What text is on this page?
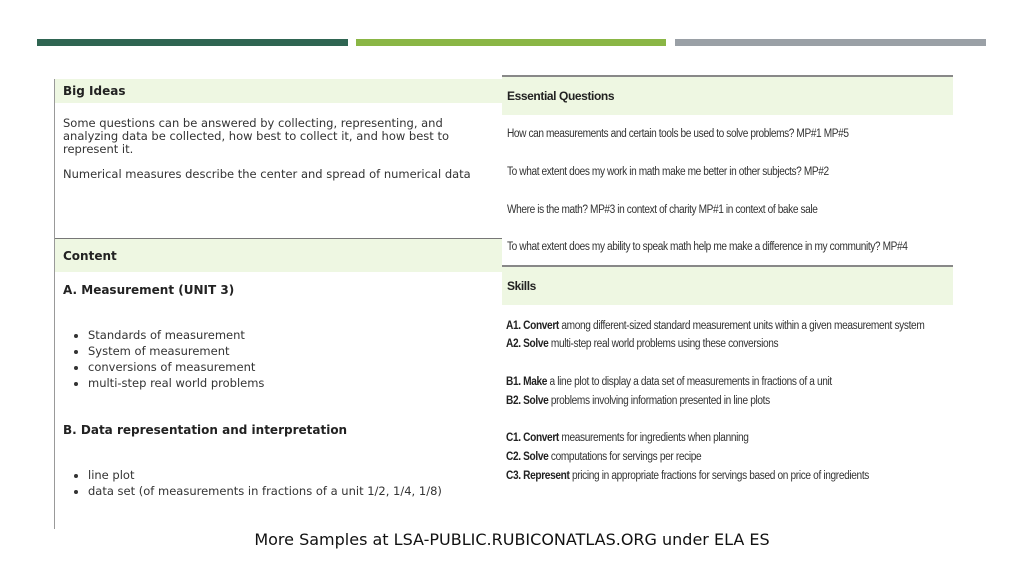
Big Ideas

Some questions can be answered by collecting, representing, and analyzing data be collected, how best to collect it, and how best to represent it.

Numerical measures describe the center and spread of numerical data

Content
A. Measurement (UNIT 3)
• Standards of measurement
• System of measurement
• conversions of measurement
• multi-step real world problems
B. Data representation and interpretation
• line plot
• data set (of measurements in fractions of a unit 1/2, 1/4, 1/8)
Essential Questions
How can measurements and certain tools be used to solve problems? MP#1 MP#5
To what extent does my work in math make me better in other subjects? MP#2
Where is the math? MP#3 in context of charity MP#1 in context of bake sale
To what extent does my ability to speak math help me make a difference in my community? MP#4
Skills
A1. Convert among different-sized standard measurement units within a given measurement system
A2. Solve multi-step real world problems using these conversions
B1. Make a line plot to display a data set of measurements in fractions of a unit
B2. Solve problems involving information presented in line plots
C1. Convert measurements for ingredients when planning
C2. Solve computations for servings per recipe
C3. Represent pricing in appropriate fractions for servings based on price of ingredients
More Samples at LSA-PUBLIC.RUBICONATLAS.ORG under ELA ES
